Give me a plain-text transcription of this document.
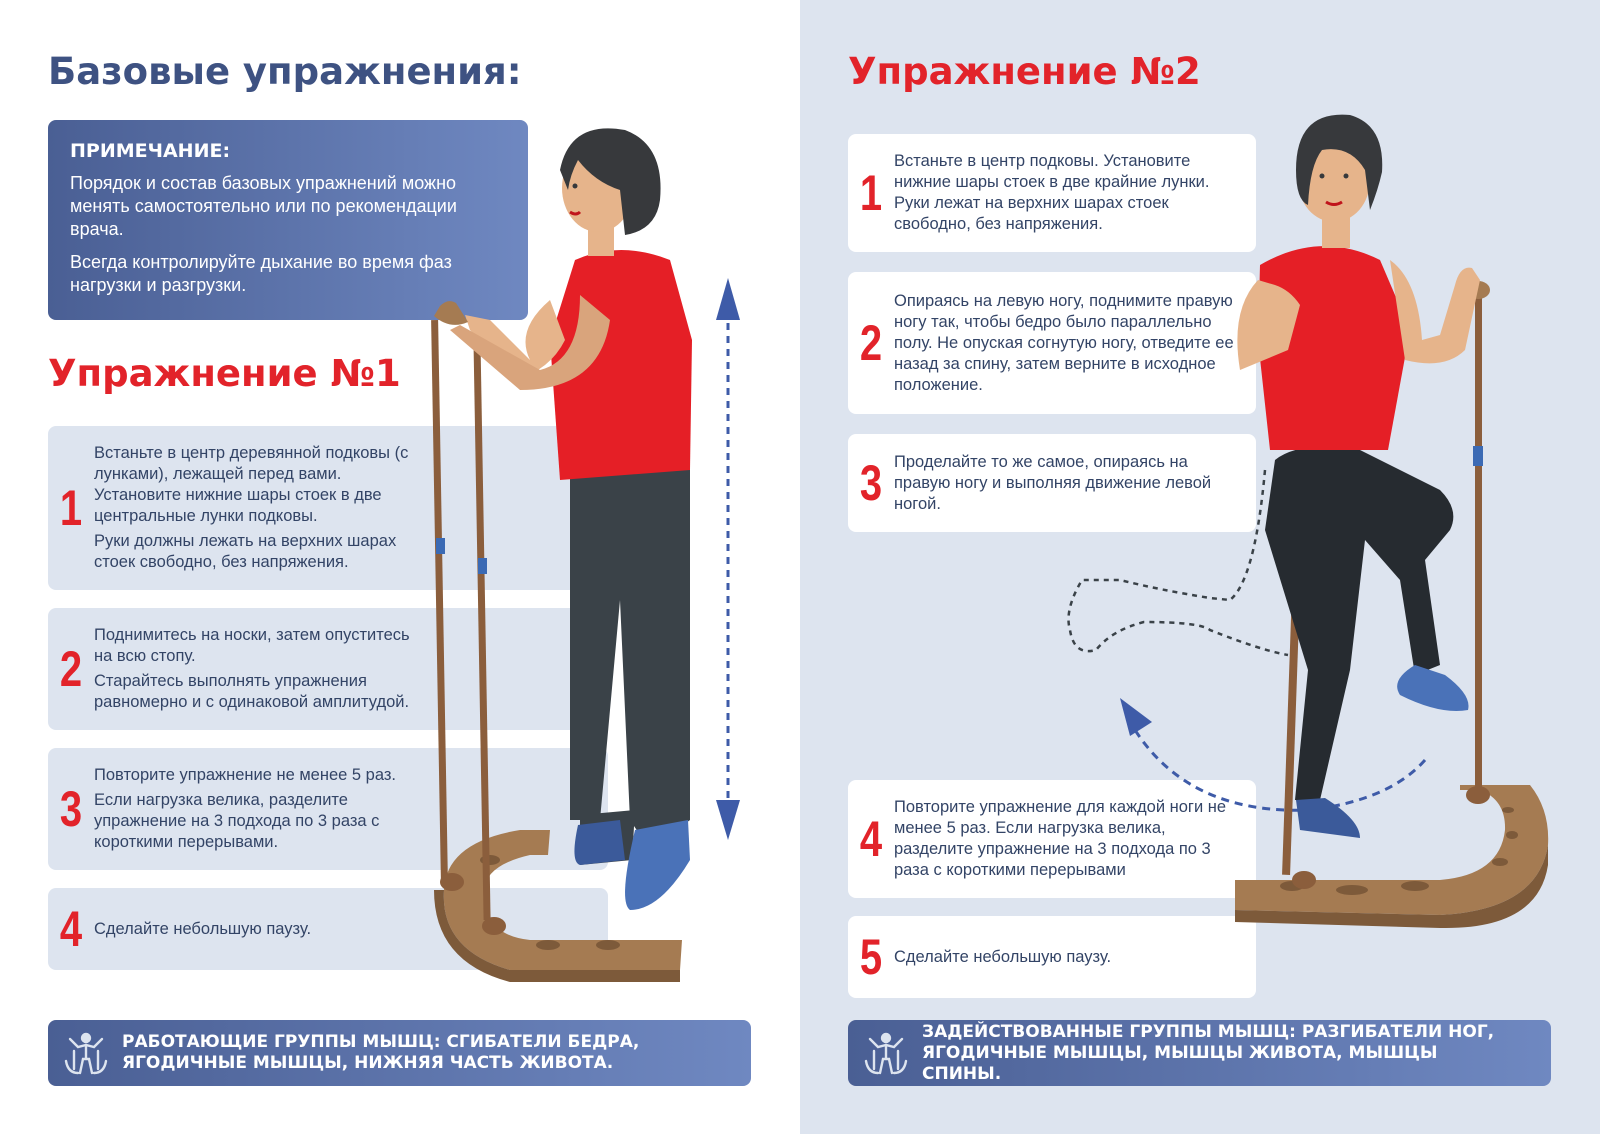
Базовые упражнения:
ПРИМЕЧАНИЕ:

Порядок и состав базовых упражнений можно менять самостоятельно или по рекомендации врача.

Всегда контролируйте дыхание во время фаз нагрузки и разгрузки.

Упражнение №1
1

Встаньте в центр деревянной подковы (с лунками), лежащей перед вами. Установите нижние шары стоек в две центральные лунки подковы.

Руки должны лежать на верхних шарах стоек свободно, без напряжения.

2

Поднимитесь на носки, затем опуститесь на всю стопу.

Старайтесь выполнять упражнения равномерно и с одинаковой амплитудой.

3

Повторите упражнение не менее 5 раз.

Если нагрузка велика, разделите упражнение на 3 подхода по 3 раза с короткими перерывами.

4 Сделайте небольшую паузу.

РАБОТАЮЩИЕ ГРУППЫ МЫШЦ: СГИБАТЕЛИ БЕДРА, ЯГОДИЧНЫЕ МЫШЦЫ, НИЖНЯЯ ЧАСТЬ ЖИВОТА.
Упражнение №2
1
Встаньте в центр подковы. Установите нижние шары стоек в две крайние лунки. Руки лежат на верхних шарах стоек свободно, без напряжения.
2
Опираясь на левую ногу, поднимите правую ногу так, чтобы бедро было параллельно полу. Не опуская согнутую ногу, отведите ее назад за спину, затем верните в исходное положение.
3 Проделайте то же самое, опираясь на правую ногу и выполняя движение левой ногой.
4
Повторите упражнение для каждой ноги не менее 5 раз. Если нагрузка велика, разделите упражнение на 3 подхода по 3 раза с короткими перерывами
5 Сделайте небольшую паузу.
ЗАДЕЙСТВОВАННЫЕ ГРУППЫ МЫШЦ: РАЗГИБАТЕЛИ НОГ, ЯГОДИЧНЫЕ МЫШЦЫ, МЫШЦЫ ЖИВОТА, МЫШЦЫ СПИНЫ.
